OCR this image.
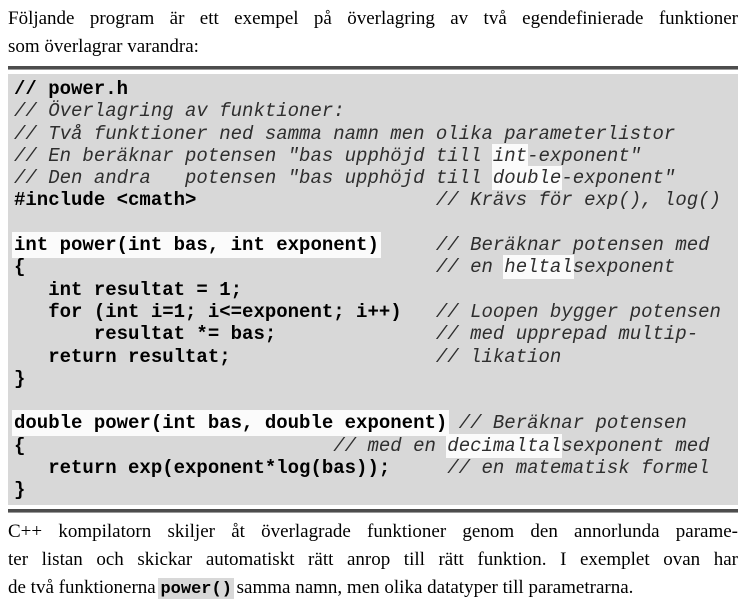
Följande program är ett exempel på överlagring av två egendefinierade funktioner
som överlagrar varandra:
// power.h
// Överlagring av funktioner:
// Två funktioner ned samma namn men olika parameterlistor
// En beräknar potensen "bas upphöjd till int-exponent"
// Den andra   potensen "bas upphöjd till double-exponent"
#include <cmath>	// Krävs för exp(), log()

int power(int bas, int exponent)	// Beräknar potensen med
{	// en heltalsexponent
int resultat = 1;
for (int i=1; i<=exponent; i++) // Loopen bygger potensen
resultat *= bas;	// med upprepad multip-
return resultat;	// likation
}

double power(int bas, double exponent) // Beräknar potensen
{	// med en decimaltalsexponent med
return exp(exponent*log(bas));	// en matematisk formel
}
C++ kompilatorn skiljer åt överlagrade funktioner genom den annorlunda parame-
ter listan och skickar automatiskt rätt anrop till rätt funktion. I exemplet ovan har
de två funktionerna power() samma namn, men olika datatyper till parametrarna.
